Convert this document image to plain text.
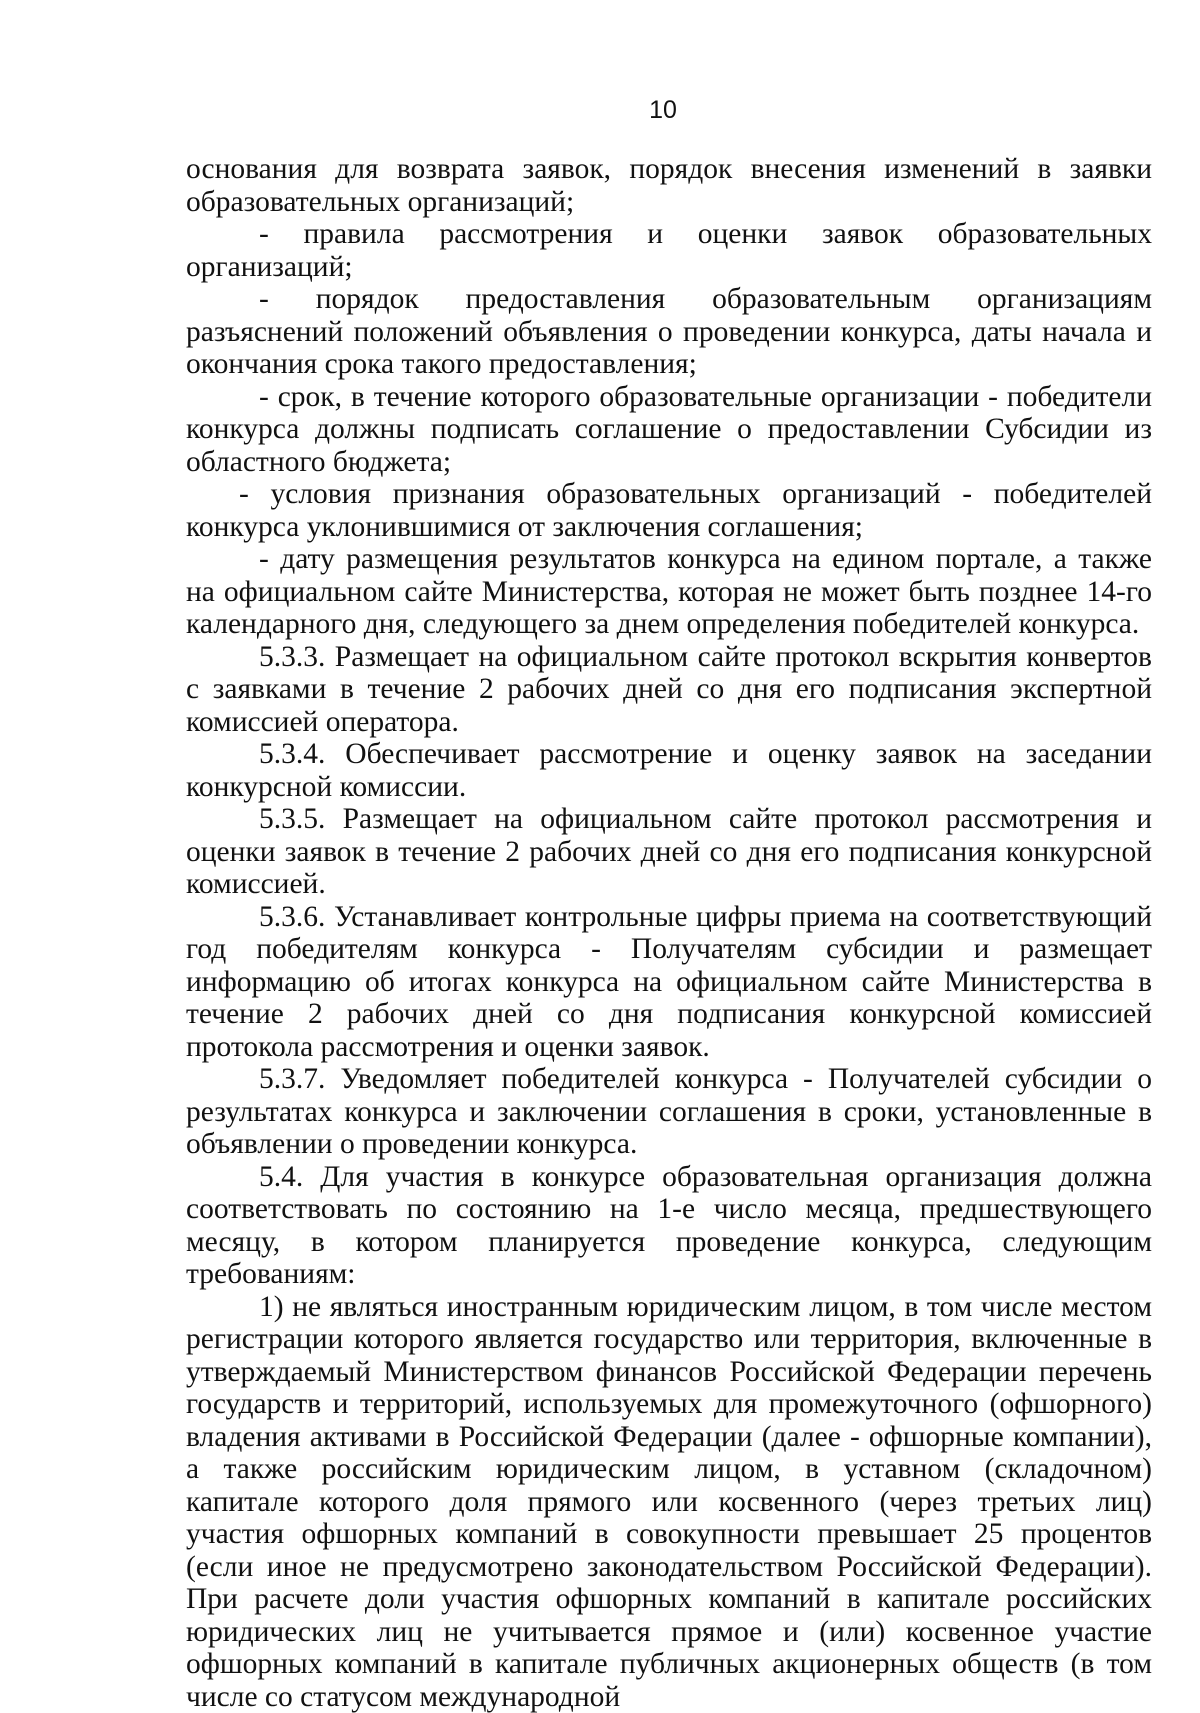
10

основания для возврата заявок, порядок внесения изменений в заявки образовательных организаций;

- правила рассмотрения и оценки заявок образовательных организаций;

- порядок предоставления образовательным организациям разъяснений положений объявления о проведении конкурса, даты начала и окончания срока такого предоставления;

- срок, в течение которого образовательные организации - победители конкурса должны подписать соглашение о предоставлении Субсидии из областного бюджета;

- условия признания образовательных организаций - победителей конкурса уклонившимися от заключения соглашения;

- дату размещения результатов конкурса на едином портале, а также на официальном сайте Министерства, которая не может быть позднее 14-го календарного дня, следующего за днем определения победителей конкурса.

5.3.3. Размещает на официальном сайте протокол вскрытия конвертов с заявками в течение 2 рабочих дней со дня его подписания экспертной комиссией оператора.

5.3.4. Обеспечивает рассмотрение и оценку заявок на заседании конкурсной комиссии.

5.3.5. Размещает на официальном сайте протокол рассмотрения и оценки заявок в течение 2 рабочих дней со дня его подписания конкурсной комиссией.

5.3.6. Устанавливает контрольные цифры приема на соответствующий год победителям конкурса - Получателям субсидии и размещает информацию об итогах конкурса на официальном сайте Министерства в течение 2 рабочих дней со дня подписания конкурсной комиссией протокола рассмотрения и оценки заявок.

5.3.7. Уведомляет победителей конкурса - Получателей субсидии о результатах конкурса и заключении соглашения в сроки, установленные в объявлении о проведении конкурса.

5.4. Для участия в конкурсе образовательная организация должна соответствовать по состоянию на 1-е число месяца, предшествующего месяцу, в котором планируется проведение конкурса, следующим требованиям:

1) не являться иностранным юридическим лицом, в том числе местом регистрации которого является государство или территория, включенные в утверждаемый Министерством финансов Российской Федерации перечень государств и территорий, используемых для промежуточного (офшорного) владения активами в Российской Федерации (далее - офшорные компании), а также российским юридическим лицом, в уставном (складочном) капитале которого доля прямого или косвенного (через третьих лиц) участия офшорных компаний в совокупности превышает 25 процентов (если иное не предусмотрено законодательством Российской Федерации). При расчете доли участия офшорных компаний в капитале российских юридических лиц не учитывается прямое и (или) косвенное участие офшорных компаний в капитале публичных акционерных обществ (в том числе со статусом международной
